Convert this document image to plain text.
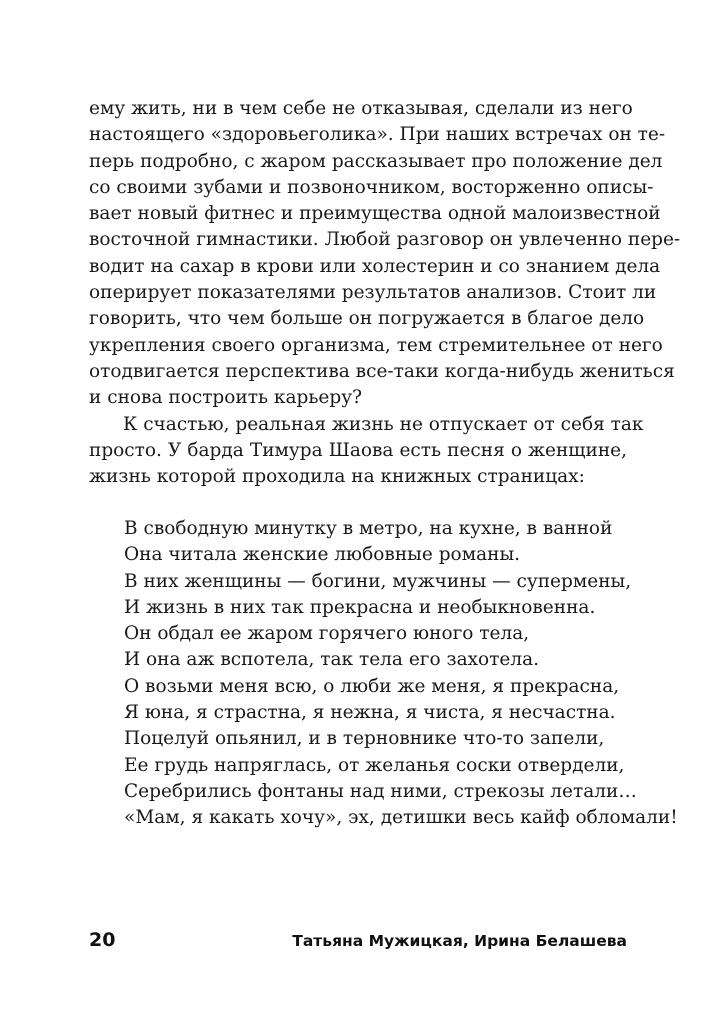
ему жить, ни в чем себе не отказывая, сделали из него
настоящего «здоровьеголика». При наших встречах он те-
перь подробно, с жаром рассказывает про положение дел
со своими зубами и позвоночником, восторженно описы-
вает новый фитнес и преимущества одной малоизвестной
восточной гимнастики. Любой разговор он увлеченно пере-
водит на сахар в крови или холестерин и со знанием дела
оперирует показателями результатов анализов. Стоит ли
говорить, что чем больше он погружается в благое дело
укрепления своего организма, тем стремительнее от него
отодвигается перспектива все-таки когда-нибудь жениться
и снова построить карьеру?
К счастью, реальная жизнь не отпускает от себя так
просто. У барда Тимура Шаова есть песня о женщине,
жизнь которой проходила на книжных страницах:
В свободную минутку в метро, на кухне, в ванной
Она читала женские любовные романы.
В них женщины — богини, мужчины — супермены,
И жизнь в них так прекрасна и необыкновенна.
Он обдал ее жаром горячего юного тела,
И она аж вспотела, так тела его захотела.
О возьми меня всю, о люби же меня, я прекрасна,
Я юна, я страстна, я нежна, я чиста, я несчастна.
Поцелуй опьянил, и в терновнике что-то запели,
Ее грудь напряглась, от желанья соски отвердели,
Серебрились фонтаны над ними, стрекозы летали…
«Мам, я какать хочу», эх, детишки весь кайф обломали!
20	Татьяна Мужицкая, Ирина Белашева
